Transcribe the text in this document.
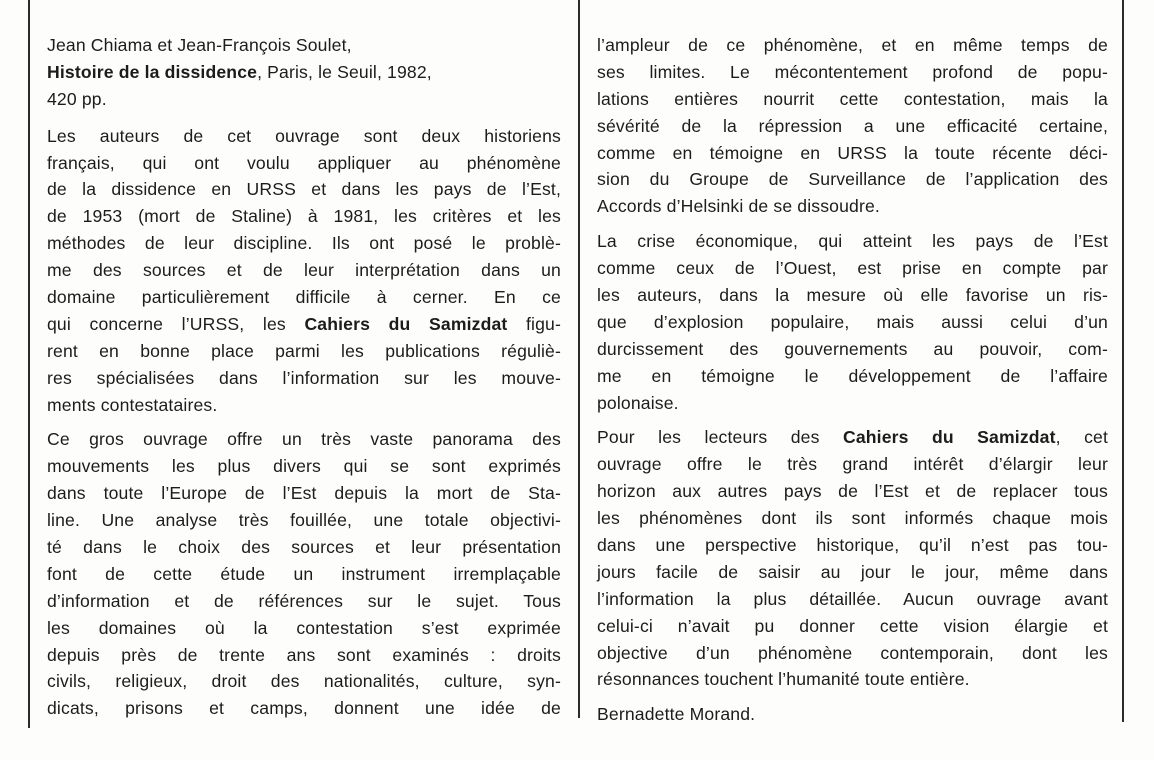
Jean Chiama et Jean-François Soulet,
Histoire de la dissidence, Paris, le Seuil, 1982,
420 pp.
Les auteurs de cet ouvrage sont deux historiens
français, qui ont voulu appliquer au phénomène
de la dissidence en URSS et dans les pays de l’Est,
de 1953 (mort de Staline) à 1981, les critères et les
méthodes de leur discipline. Ils ont posé le problè-
me des sources et de leur interprétation dans un
domaine particulièrement difficile à cerner. En ce
qui concerne l’URSS, les Cahiers du Samizdat figu-
rent en bonne place parmi les publications réguliè-
res spécialisées dans l’information sur les mouve-
ments contestataires.
Ce gros ouvrage offre un très vaste panorama des
mouvements les plus divers qui se sont exprimés
dans toute l’Europe de l’Est depuis la mort de Sta-
line. Une analyse très fouillée, une totale objectivi-
té dans le choix des sources et leur présentation
font de cette étude un instrument irremplaçable
d’information et de références sur le sujet. Tous
les domaines où la contestation s’est exprimée
depuis près de trente ans sont examinés : droits
civils, religieux, droit des nationalités, culture, syn-
dicats, prisons et camps, donnent une idée de
l’ampleur de ce phénomène, et en même temps de
ses limites. Le mécontentement profond de popu-
lations entières nourrit cette contestation, mais la
sévérité de la répression a une efficacité certaine,
comme en témoigne en URSS la toute récente déci-
sion du Groupe de Surveillance de l’application des
Accords d’Helsinki de se dissoudre.
La crise économique, qui atteint les pays de l’Est
comme ceux de l’Ouest, est prise en compte par
les auteurs, dans la mesure où elle favorise un ris-
que d’explosion populaire, mais aussi celui d’un
durcissement des gouvernements au pouvoir, com-
me en témoigne le développement de l’affaire
polonaise.
Pour les lecteurs des Cahiers du Samizdat, cet
ouvrage offre le très grand intérêt d’élargir leur
horizon aux autres pays de l’Est et de replacer tous
les phénomènes dont ils sont informés chaque mois
dans une perspective historique, qu’il n’est pas tou-
jours facile de saisir au jour le jour, même dans
l’information la plus détaillée. Aucun ouvrage avant
celui-ci n’avait pu donner cette vision élargie et
objective d’un phénomène contemporain, dont les
résonnances touchent l’humanité toute entière.
Bernadette Morand.
